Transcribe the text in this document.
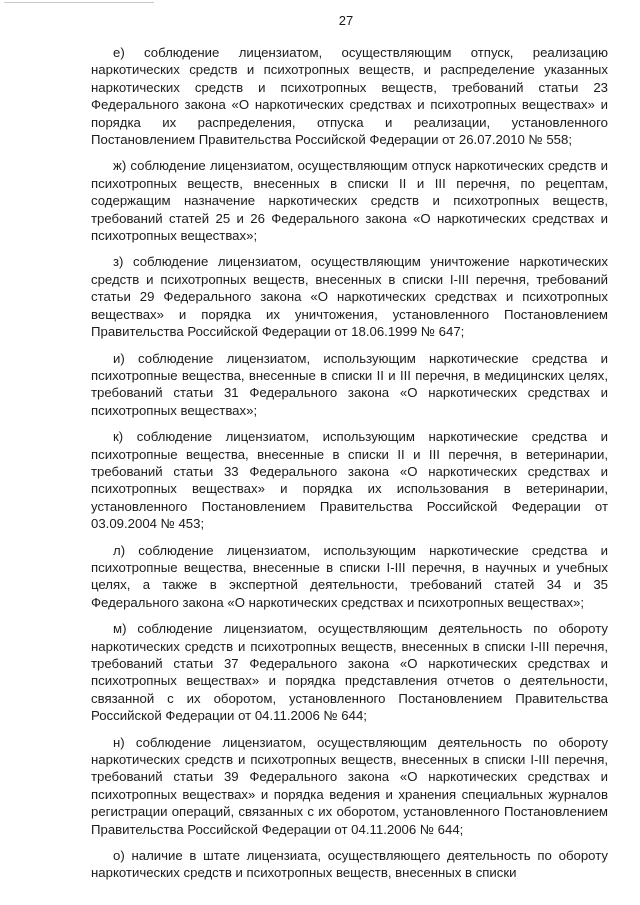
27

е) соблюдение лицензиатом, осуществляющим отпуск, реализацию наркотических средств и психотропных веществ, и распределение указанных наркотических средств и психотропных веществ, требований статьи 23 Федерального закона «О наркотических средствах и психотропных веществах» и порядка их распределения, отпуска и реализации, установленного Постановлением Правительства Российской Федерации от 26.07.2010 № 558;

ж) соблюдение лицензиатом, осуществляющим отпуск наркотических средств и психотропных веществ, внесенных в списки II и III перечня, по рецептам, содержащим назначение наркотических средств и психотропных веществ, требований статей 25 и 26 Федерального закона «О наркотических средствах и психотропных веществах»;

з) соблюдение лицензиатом, осуществляющим уничтожение наркотических средств и психотропных веществ, внесенных в списки I-III перечня, требований статьи 29 Федерального закона «О наркотических средствах и психотропных веществах» и порядка их уничтожения, установленного Постановлением Правительства Российской Федерации от 18.06.1999 № 647;

и) соблюдение лицензиатом, использующим наркотические средства и психотропные вещества, внесенные в списки II и III перечня, в медицинских целях, требований статьи 31 Федерального закона «О наркотических средствах и психотропных веществах»;

к) соблюдение лицензиатом, использующим наркотические средства и психотропные вещества, внесенные в списки II и III перечня, в ветеринарии, требований статьи 33 Федерального закона «О наркотических средствах и психотропных веществах» и порядка их использования в ветеринарии, установленного Постановлением Правительства Российской Федерации от 03.09.2004 № 453;

л) соблюдение лицензиатом, использующим наркотические средства и психотропные вещества, внесенные в списки I-III перечня, в научных и учебных целях, а также в экспертной деятельности, требований статей 34 и 35 Федерального закона «О наркотических средствах и психотропных веществах»;

м) соблюдение лицензиатом, осуществляющим деятельность по обороту наркотических средств и психотропных веществ, внесенных в списки I-III перечня, требований статьи 37 Федерального закона «О наркотических средствах и психотропных веществах» и порядка представления отчетов о деятельности, связанной с их оборотом, установленного Постановлением Правительства Российской Федерации от 04.11.2006 № 644;

н) соблюдение лицензиатом, осуществляющим деятельность по обороту наркотических средств и психотропных веществ, внесенных в списки I-III перечня, требований статьи 39 Федерального закона «О наркотических средствах и психотропных веществах» и порядка ведения и хранения специальных журналов регистрации операций, связанных с их оборотом, установленного Постановлением Правительства Российской Федерации от 04.11.2006 № 644;

о) наличие в штате лицензиата, осуществляющего деятельность по обороту наркотических средств и психотропных веществ, внесенных в списки
